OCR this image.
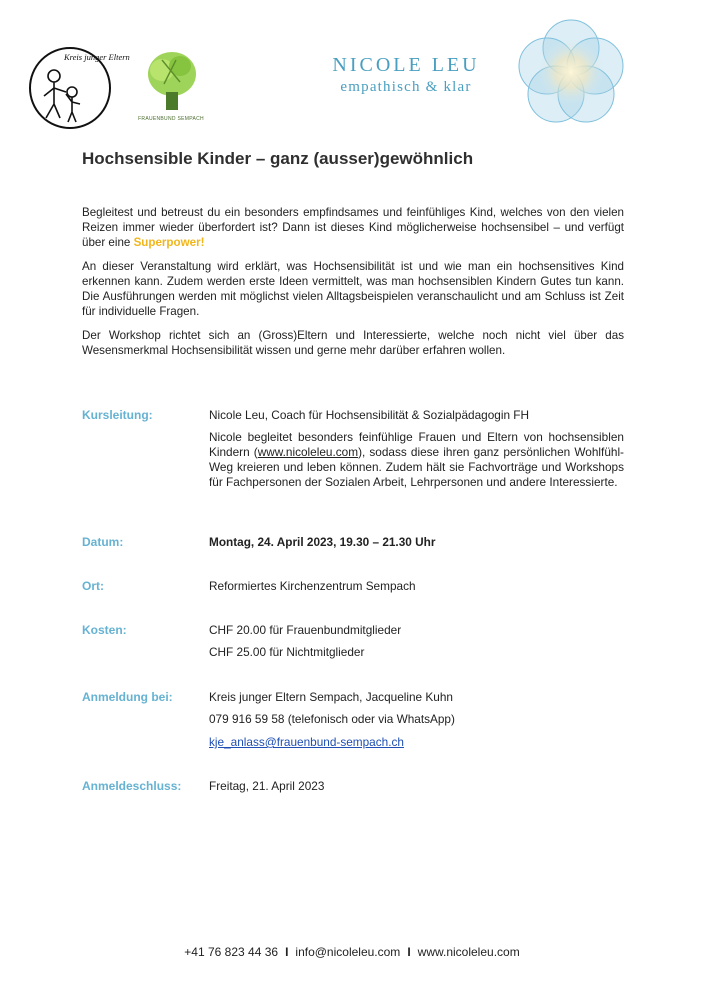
Kreis junger Eltern
FRAUENBUND SEMPACH
NICOLE LEU
empathisch & klar
Hochsensible Kinder – ganz (ausser)gewöhnlich

Begleitest und betreust du ein besonders empfindsames und feinfühliges Kind, welches von den vielen Reizen immer wieder überfordert ist? Dann ist dieses Kind möglicherweise hochsensibel – und verfügt über eine Superpower!

An dieser Veranstaltung wird erklärt, was Hochsensibilität ist und wie man ein hochsensitives Kind erkennen kann. Zudem werden erste Ideen vermittelt, was man hochsensiblen Kindern Gutes tun kann. Die Ausführungen werden mit möglichst vielen Alltagsbeispielen veranschaulicht und am Schluss ist Zeit für individuelle Fragen.

Der Workshop richtet sich an (Gross)Eltern und Interessierte, welche noch nicht viel über das Wesensmerkmal Hochsensibilität wissen und gerne mehr darüber erfahren wollen.

Kursleitung:	Nicole Leu, Coach für Hochsensibilität & Sozialpädagogin FH
Nicole begleitet besonders feinfühlige Frauen und Eltern von hochsensiblen Kindern (www.nicoleleu.com), sodass diese ihren ganz persönlichen Wohlfühl-Weg kreieren und leben können. Zudem hält sie Fachvorträge und Workshops für Fachpersonen der Sozialen Arbeit, Lehrpersonen und andere Interessierte.
Datum:	Montag, 24. April 2023, 19.30 – 21.30 Uhr
Ort:	Reformiertes Kirchenzentrum Sempach
Kosten:	CHF 20.00 für Frauenbundmitglieder
CHF 25.00 für Nichtmitglieder
Anmeldung bei:	Kreis junger Eltern Sempach, Jacqueline Kuhn
079 916 59 58 (telefonisch oder via WhatsApp)
kje_anlass@frauenbund-sempach.ch
Anmeldeschluss: Freitag, 21. April 2023
+41 76 823 44 36 I info@nicoleleu.com I www.nicoleleu.com
